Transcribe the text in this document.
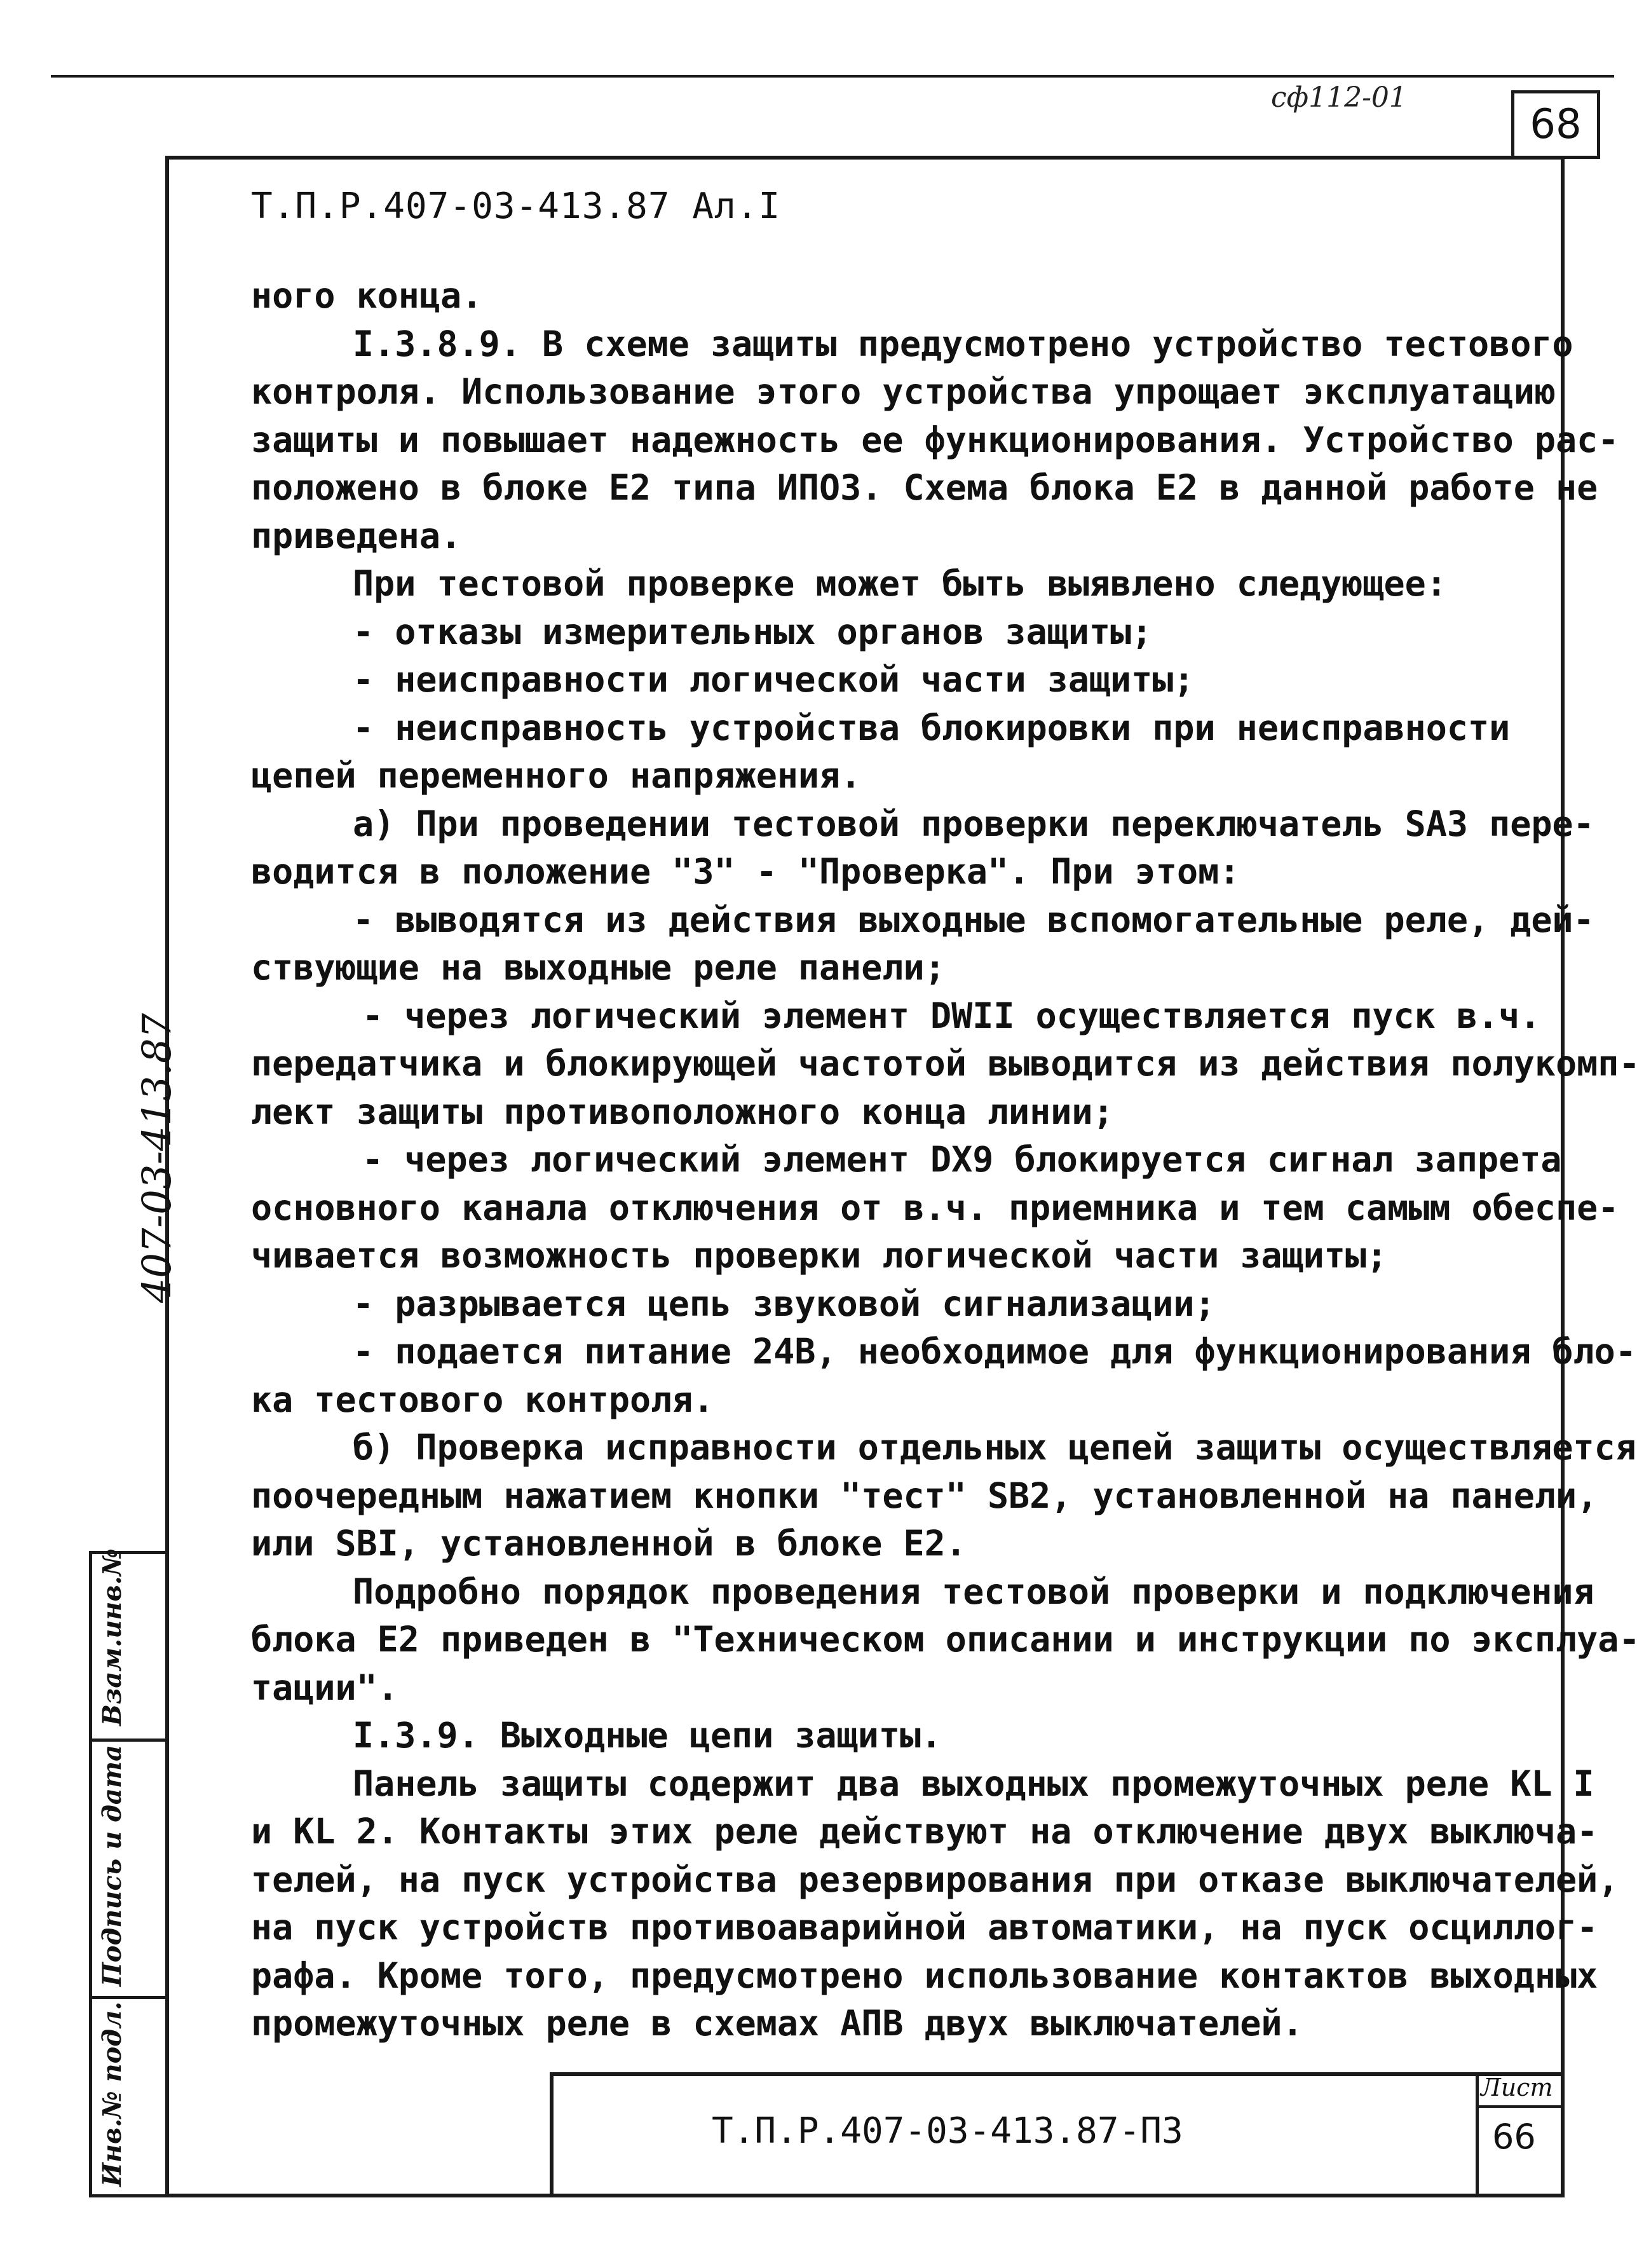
сф112-01
68
Т.П.Р.407-03-413.87 Ал.I

ного конца.

I.3.8.9. В схеме защиты предусмотрено устройство тестового

контроля. Использование этого устройства упрощает эксплуатацию

защиты и повышает надежность ее функционирования. Устройство рас-

положено в блоке Е2 типа ИПО3. Схема блока Е2 в данной работе не

приведена.

При тестовой проверке может быть выявлено следующее:

- отказы измерительных органов защиты;

- неисправности логической части защиты;

- неисправность устройства блокировки при неисправности

цепей переменного напряжения.

а) При проведении тестовой проверки переключатель SA3 пере-

водится в положение "3" - "Проверка". При этом:

- выводятся из действия выходные вспомогательные реле, дей-

ствующие на выходные реле панели;

- через логический элемент DWII осуществляется пуск в.ч.

передатчика и блокирующей частотой выводится из действия полукомп-

лект защиты противоположного конца линии;

- через логический элемент DX9 блокируется сигнал запрета

основного канала отключения от в.ч. приемника и тем самым обеспе-

чивается возможность проверки логической части защиты;

- разрывается цепь звуковой сигнализации;

- подается питание 24В, необходимое для функционирования бло-

ка тестового контроля.

б) Проверка исправности отдельных цепей защиты осуществляется

поочередным нажатием кнопки "тест" SB2, установленной на панели,

или SBI, установленной в блоке Е2.

Подробно порядок проведения тестовой проверки и подключения

блока Е2 приведен в "Техническом описании и инструкции по эксплуа-

тации".

I.3.9. Выходные цепи защиты.

Панель защиты содержит два выходных промежуточных реле KL I

и KL 2. Контакты этих реле действуют на отключение двух выключа-

телей, на пуск устройства резервирования при отказе выключателей,

на пуск устройств противоаварийной автоматики, на пуск осциллог-

рафа. Кроме того, предусмотрено использование контактов выходных

промежуточных реле в схемах АПВ двух выключателей.

407-03-413.87
Взам.инв.№
Подпись и дата
Инв.№ подл.	Т.П.Р.407-03-413.87-ПЗ
Лист
66
